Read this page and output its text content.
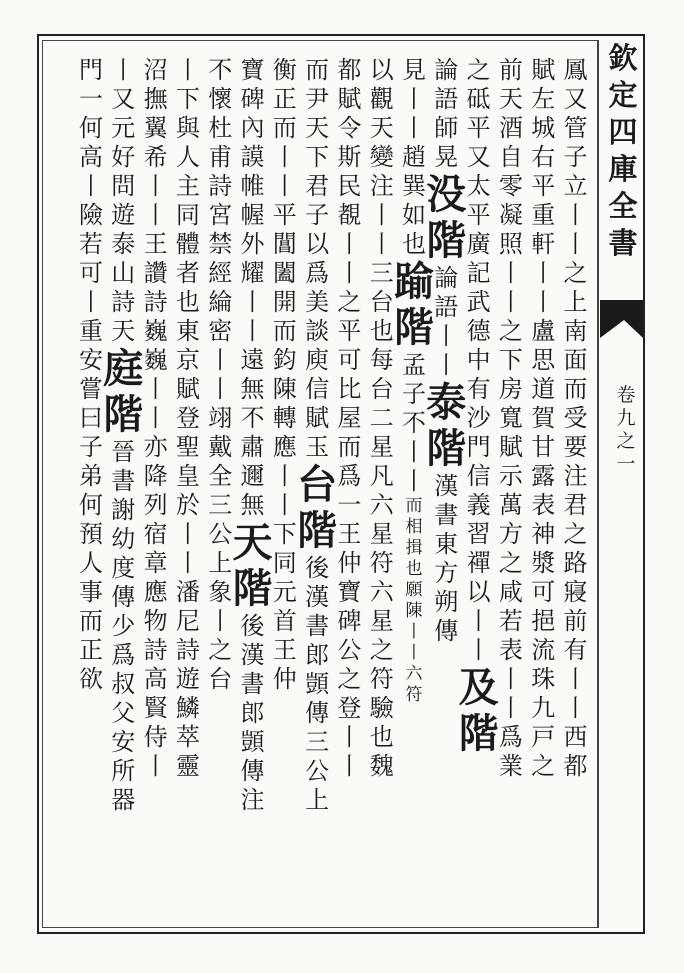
欽
定
四
庫
全
書
卷
九
之
一
鳳
又
管
子
立
丨
丨
之
上
南
面
而
受
要
注
君
之
路
寢
前
有
丨
丨
西
都
賦
左
城
右
平
重
軒
丨
丨
盧
思
道
賀
甘
露
表
神
漿
可
挹
流
珠
九
戸
之
前
天
酒
自
零
凝
照
丨
丨
之
下
房
寬
賦
示
萬
方
之
咸
若
表
丨
丨
爲
業
之
砥
平
又
太
平
廣
記
武
德
中
有
沙
門
信
義
習
禪
以
丨
丨
及
階
論
語
師
晃
没
階
論
語
丨
丨
泰
階
漢
書
東
方
朔
傳
見
丨
丨
趙
巽
如
也
踰
階
孟
子
不
丨
丨
而
相
揖
也
願
陳
丨
丨
六
符
以
觀
天
變
注
丨
丨
三
台
也
每
台
二
星
凡
六
星
符
六
星
之
符
驗
也
魏
都
賦
令
斯
民
覩
丨
丨
之
平
可
比
屋
而
爲
一
王
仲
寶
碑
公
之
登
丨
丨
而
尹
天
下
君
子
以
爲
美
談
庾
信
賦
玉
台
階
後
漢
書
郎
顗
傳
三
公
上
衡
正
而
丨
丨
平
閶
闔
開
而
鈞
陳
轉
應
丨
丨
下
同
元
首
王
仲
寶
碑
內
謨
帷
幄
外
耀
丨
丨
遠
無
不
肅
邇
無
天
階
後
漢
書
郎
顗
傳
注
不
懷
杜
甫
詩
宮
禁
經
綸
密
丨
丨
翊
戴
全
三
公
上
象
丨
之
台
丨
下
與
人
主
同
體
者
也
東
京
賦
登
聖
皇
於
丨
丨
潘
尼
詩
遊
鱗
萃
靈
沼
撫
翼
希
丨
丨
王
讚
詩
巍
巍
丨
丨
亦
降
列
宿
章
應
物
詩
高
賢
侍
丨
丨
又
元
好
問
遊
泰
山
詩
天
庭
階
晉
書
謝
幼
度
傳
少
爲
叔
父
安
所
器
門
一
何
高
丨
險
若
可
丨
重
安
嘗
曰
子
弟
何
預
人
事
而
正
欲
